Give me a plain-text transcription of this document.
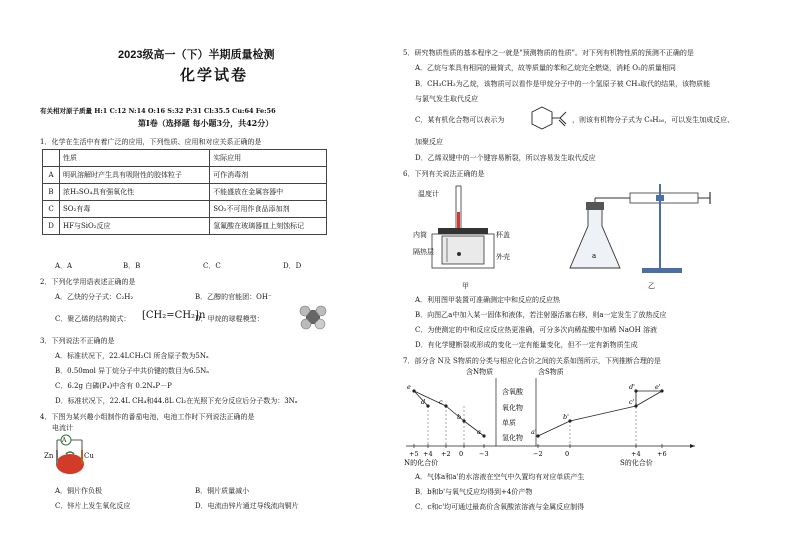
2023级高一（下）半期质量检测
化学试卷
有关相对原子质量 H:1 C:12 N:14 O:16 S:32 P:31 Cl:35.5 Cu:64 Fe:56
第Ⅰ卷（选择题 每小题3分，共42分）
1．化学在生活中有着广泛的应用，下列性质、应用和对应关系正确的是
	性质	实际应用
A	明矾溶解时产生具有吸附性的胶体粒子	可作消毒剂
B	浓H₂SO₄具有强氧化性	不能盛放在金属容器中
C	SO₂有毒	SO₂不可用作食品添加剂
D	HF与SiO₂反应	氢氟酸在玻璃器皿上刻蚀标记
A．A	B．B	C．C	D．D
2．下列化学用语表述正确的是
A．乙炔的分子式：C₂H₂	B．乙醇的官能团：OH⁻
C．聚乙烯的结构简式： [CH₂=CH₂]n
D．甲烷的球棍模型：
3．下列说法不正确的是
A．标准状况下，22.4LCH₂Cl 所含原子数为5Nₐ
B．0.50mol 异丁烷分子中共价键的数目为6.5Nₐ
C．6.2g 白磷(P₄)中含有 0.2NₐP－P
D．标准状况下，22.4L CH₄和44.8L Cl₂在光照下充分反应后分子数为：3Nₐ
4．下图为某兴趣小组制作的番茄电池，电池工作时下列说法正确的是
电流计
A
Zn	Cu
A．铜片作负极	B．铜片质量减小
C．锌片上发生氧化反应	D．电流由锌片通过导线流向铜片
5．研究物质性质的基本程序之一就是"预测物质的性质"。对下列有机物性质的预测不正确的是
A．乙烷与苯具有相同的最简式，故等质量的苯和乙烷完全燃烧，消耗 O₂的质量相同
B．CH₃CH₃为乙烷，该物质可以看作是甲烷分子中的一个氢原子被 CH₃取代的结果，该物质能
与氯气发生取代反应
C．某有机化合物可以表示为	，则该有机物分子式为 C₉H₁₆，可以发生加成反应、
加聚反应
D．乙烯双键中的一个键容易断裂，所以容易发生取代反应
6．下列有关说法正确的是
温度计
内筒	杯盖
隔热层
外壳
甲
a
乙
A．利用图甲装置可准确测定中和反应的反应热
B．向图乙a中加入某一固体和液体，若注射器活塞右移，则a一定发生了放热反应
C．为使测定的中和反应反应热更准确，可分多次向稀盐酸中加稀 NaOH 溶液
D．有化学键断裂或形成的变化一定有能量变化，但不一定有新物质生成
7．部分含 N及 S物质的分类与相应化合价之间的关系如图所示，下列推断合理的是
含氧酸
氧化物
单质
氢化物
含N物质	含S物质
+5 +4 +2 0 −3	−2	0	+4	+6
e
d c
b
a	a'
b'
d'
c'
e'
N的化合价	S的化合价
A．气体a和a'的水溶液在空气中久置均有对应单质产生
B．b和b'与氧气反应均得到+4价产物
C．c和c'均可通过最高价含氧酸浓溶液与金属反应制得
